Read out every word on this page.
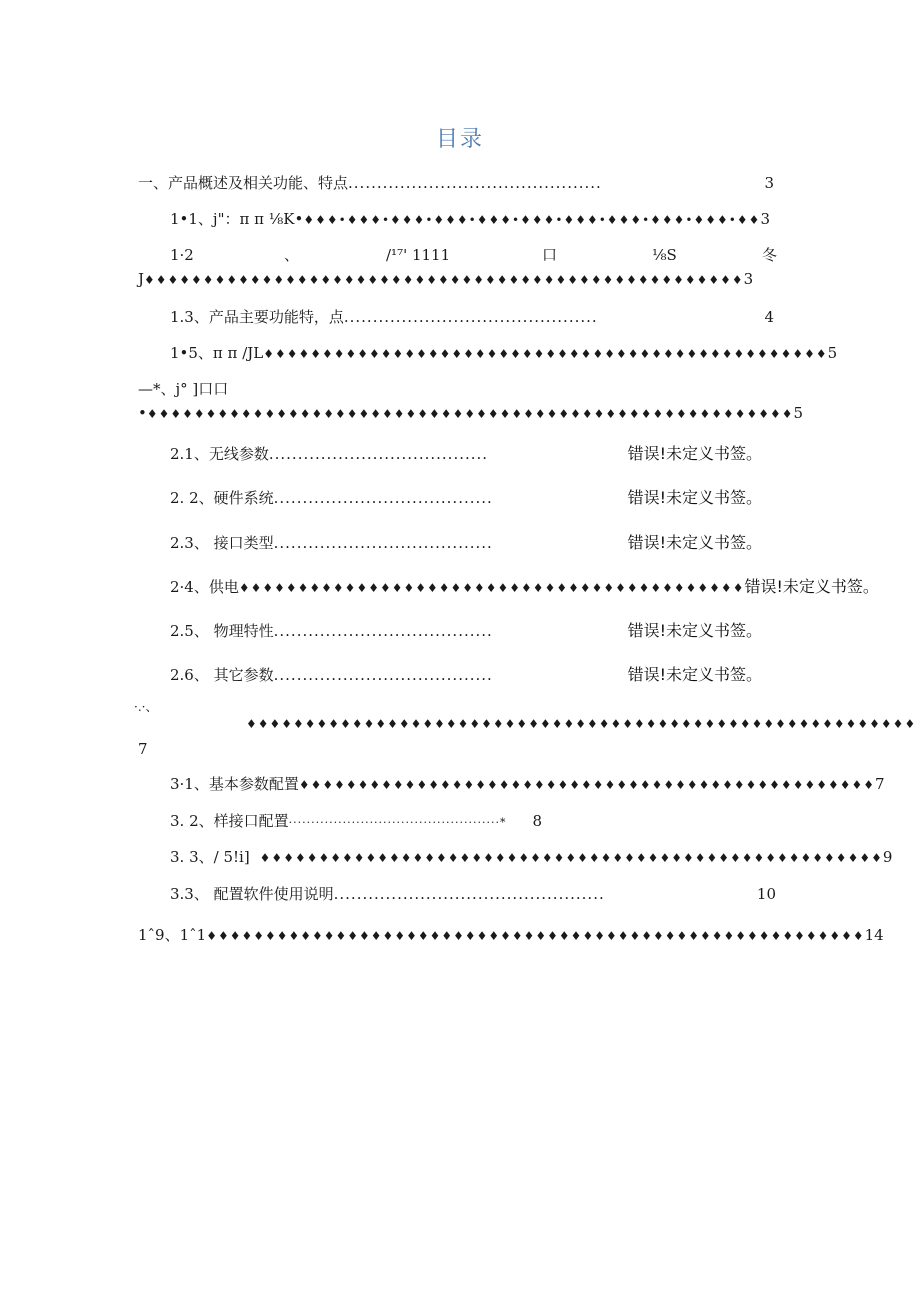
目录
一、产品概述及相关功能、特点 ............................................	3
1•1、j"：π π ⅛K• ♦♦♦•♦♦♦•♦♦♦•♦♦♦•♦♦♦•♦♦♦•♦♦♦•♦♦♦•♦♦♦•♦♦♦•♦♦ 3
1·2	、	/¹⁷' 1111	口	⅛S	冬
J ♦♦♦♦♦♦♦♦♦♦♦♦♦♦♦♦♦♦♦♦♦♦♦♦♦♦♦♦♦♦♦♦♦♦♦♦♦♦♦♦♦♦♦♦♦♦♦♦♦♦♦ 3
1.3、产品主要功能特，点 ............................................	4
1•5、π π /JL ♦♦♦♦♦♦♦♦♦♦♦♦♦♦♦♦♦♦♦♦♦♦♦♦♦♦♦♦♦♦♦♦♦♦♦♦♦♦♦♦♦♦♦♦♦♦♦♦ 5
—*、j° ]口口
• ♦♦♦♦♦♦♦♦♦♦♦♦♦♦♦♦♦♦♦♦♦♦♦♦♦♦♦♦♦♦♦♦♦♦♦♦♦♦♦♦♦♦♦♦♦♦♦♦♦♦♦♦♦♦♦ 5
2.1、无线参数 ......................................	错误!未定义书签。
2. 2、硬件系统 ......................................	错误!未定义书签。
2.3、 接口类型 ......................................	错误!未定义书签。
2·4、供电 ♦♦♦♦♦♦♦♦♦♦♦♦♦♦♦♦♦♦♦♦♦♦♦♦♦♦♦♦♦♦♦♦♦♦♦♦♦♦♦♦♦♦♦ 错误!未定义书签。
2.5、 物理特性 ......................................	错误!未定义书签。
2.6、 其它参数 ......................................	错误!未定义书签。
·.·、
♦♦♦♦♦♦♦♦♦♦♦♦♦♦♦♦♦♦♦♦♦♦♦♦♦♦♦♦♦♦♦♦♦♦♦♦♦♦♦♦♦♦♦♦♦♦♦♦♦♦♦♦♦♦♦♦♦
7
3·1、基本参数配置 ♦♦♦♦♦♦♦♦♦♦♦♦♦♦♦♦♦♦♦♦♦♦♦♦♦♦♦♦♦♦♦♦♦♦♦♦♦♦♦♦♦♦♦♦♦♦♦♦♦ 7
3. 2、样接口配置 ···············································*	8
3. 3、/ 5!i] ♦♦♦♦♦♦♦♦♦♦♦♦♦♦♦♦♦♦♦♦♦♦♦♦♦♦♦♦♦♦♦♦♦♦♦♦♦♦♦♦♦♦♦♦♦♦♦♦♦♦♦♦♦ 9
3.3、 配置软件使用说明 ...............................................	10
1ˆ9、1ˆ1 ♦♦♦♦♦♦♦♦♦♦♦♦♦♦♦♦♦♦♦♦♦♦♦♦♦♦♦♦♦♦♦♦♦♦♦♦♦♦♦♦♦♦♦♦♦♦♦♦♦♦♦♦♦♦♦♦ 14
